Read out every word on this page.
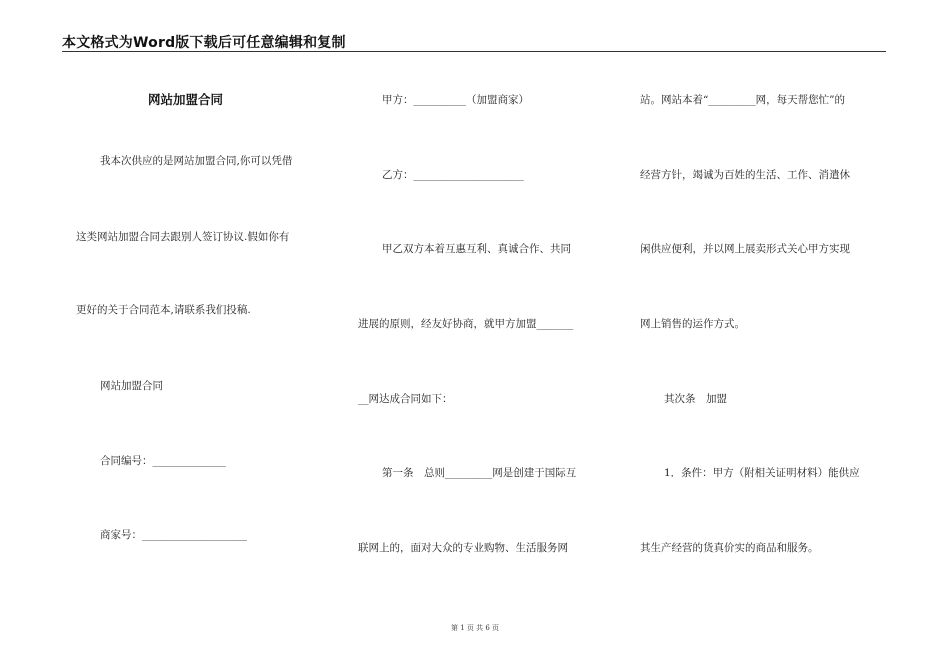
本文格式为Word版下载后可任意编辑和复制
网站加盟合同
我本次供应的是网站加盟合同,你可以凭借
这类网站加盟合同去跟别人签订协议.假如你有
更好的关于合同范本,请联系我们投稿.
网站加盟合同
合同编号：______________
商家号：____________________
甲方：__________（加盟商家）
乙方：_____________________
甲乙双方本着互惠互利、真诚合作、共同
进展的原则，经友好协商，就甲方加盟_______
__网达成合同如下：
第一条　总则_________网是创建于国际互
联网上的，面对大众的专业购物、生活服务网
站。网站本着“_________网，每天帮您忙”的
经营方针，竭诚为百姓的生活、工作、消遣休
闲供应便利，并以网上展卖形式关心甲方实现
网上销售的运作方式。
其次条　加盟
1．条件：甲方（附相关证明材料）能供应
其生产经营的货真价实的商品和服务。
第 1 页 共 6 页
